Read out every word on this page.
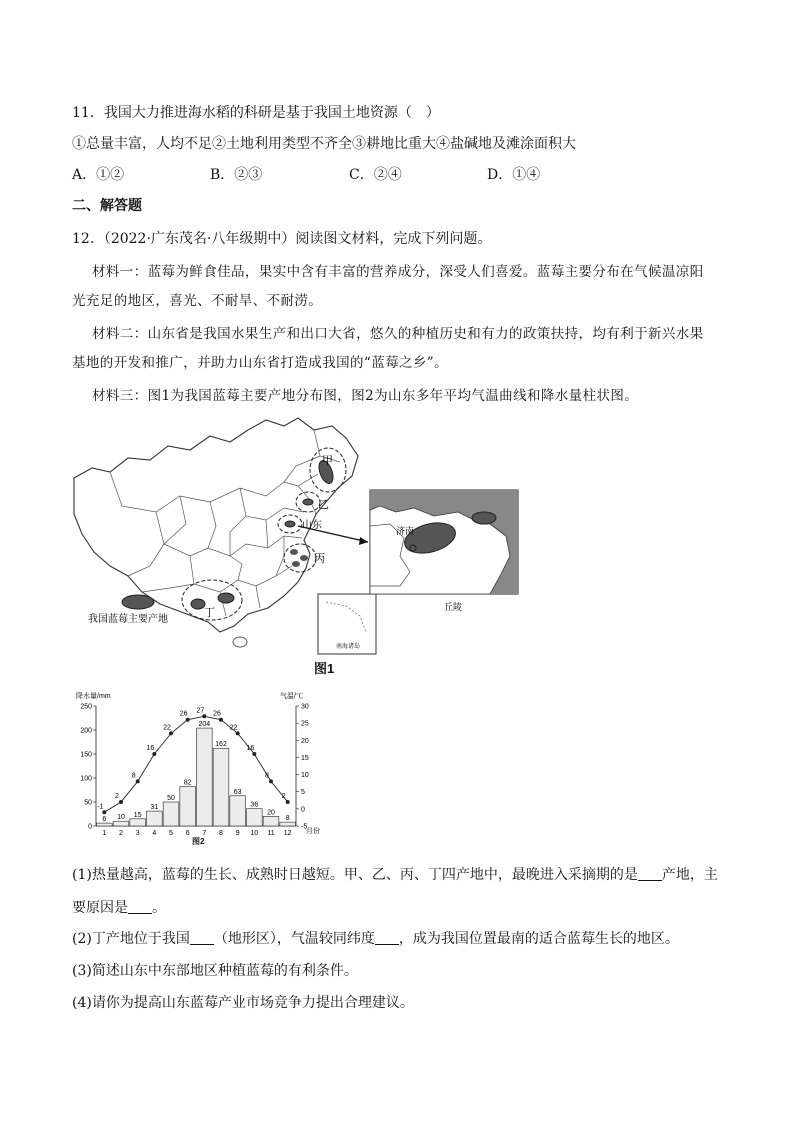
11．我国大力推进海水稻的科研是基于我国土地资源（　）
①总量丰富，人均不足②土地利用类型不齐全③耕地比重大④盐碱地及滩涂面积大
A．①②	B．②③	C．②④	D．①④
二、解答题
12．（2022·广东茂名·八年级期中）阅读图文材料，完成下列问题。
材料一：蓝莓为鲜食佳品，果实中含有丰富的营养成分，深受人们喜爱。蓝莓主要分布在气候温凉阳
光充足的地区，喜光、不耐旱、不耐涝。
材料二：山东省是我国水果生产和出口大省，悠久的种植历史和有力的政策扶持，均有利于新兴水果
基地的开发和推广，并助力山东省打造成我国的“蓝莓之乡”。
材料三：图1为我国蓝莓主要产地分布图，图2为山东多年平均气温曲线和降水量柱状图。
甲
乙
山东
丙
丁
我国蓝莓主要产地
南海诸岛
济南
丘陵
图1
降水量/mm	气温/℃
月份
0
50
100
150
200
250
-5
0
5
10
15
20
25
30
6
1
10
2
15
3
31
4
50
5
82
6
204
7
162
8
63
9
36
10
20
11
8
12
-1
2
8
16
22
26 27 26
22
16
8
2
图2
(1)热量越高，蓝莓的生长、成熟时日越短。甲、乙、丙、丁四产地中，最晚进入采摘期的是 产地，主
要原因是 。
(2)丁产地位于我国 （地形区），气温较同纬度 ，成为我国位置最南的适合蓝莓生长的地区。
(3)简述山东中东部地区种植蓝莓的有利条件。
(4)请你为提高山东蓝莓产业市场竞争力提出合理建议。
